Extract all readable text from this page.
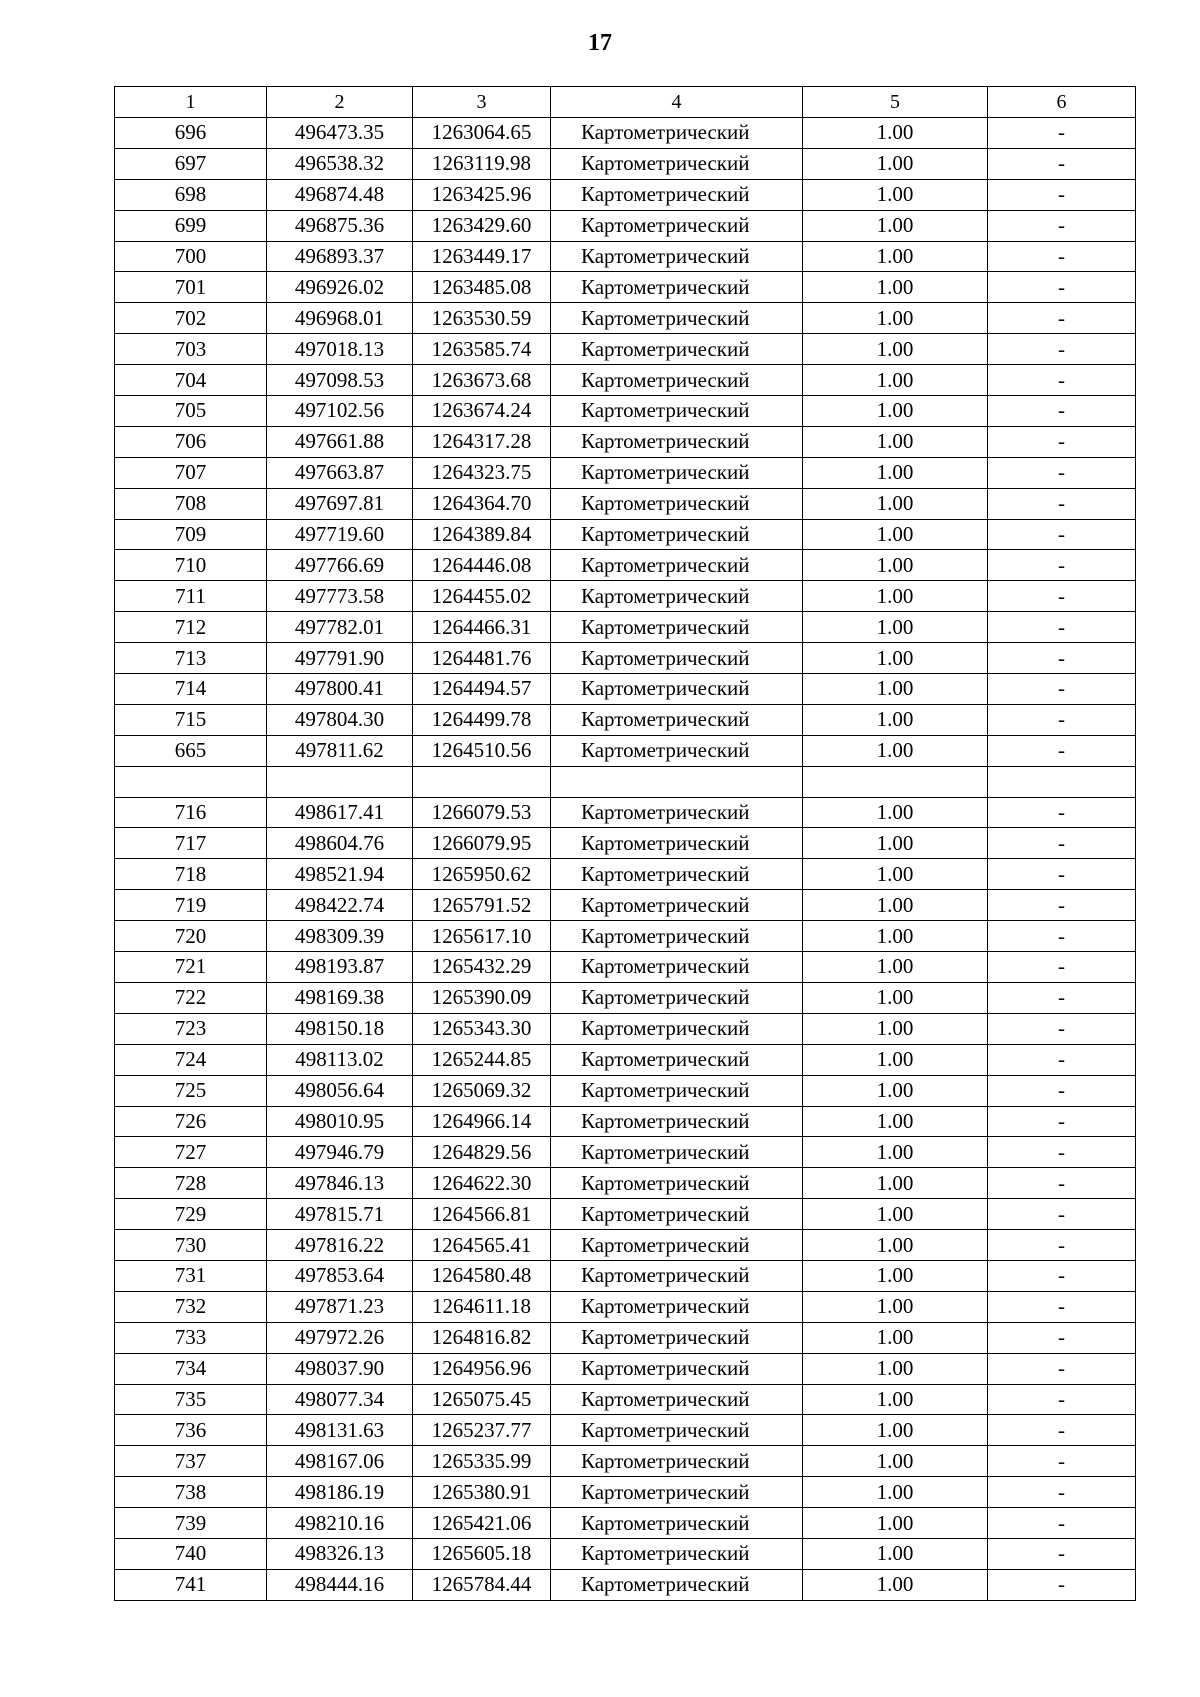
17
1	2	3	4	5	6
696	496473.35	1263064.65	Картометрический	1.00	-
697	496538.32	1263119.98	Картометрический	1.00	-
698	496874.48	1263425.96	Картометрический	1.00	-
699	496875.36	1263429.60	Картометрический	1.00	-
700	496893.37	1263449.17	Картометрический	1.00	-
701	496926.02	1263485.08	Картометрический	1.00	-
702	496968.01	1263530.59	Картометрический	1.00	-
703	497018.13	1263585.74	Картометрический	1.00	-
704	497098.53	1263673.68	Картометрический	1.00	-
705	497102.56	1263674.24	Картометрический	1.00	-
706	497661.88	1264317.28	Картометрический	1.00	-
707	497663.87	1264323.75	Картометрический	1.00	-
708	497697.81	1264364.70	Картометрический	1.00	-
709	497719.60	1264389.84	Картометрический	1.00	-
710	497766.69	1264446.08	Картометрический	1.00	-
711	497773.58	1264455.02	Картометрический	1.00	-
712	497782.01	1264466.31	Картометрический	1.00	-
713	497791.90	1264481.76	Картометрический	1.00	-
714	497800.41	1264494.57	Картометрический	1.00	-
715	497804.30	1264499.78	Картометрический	1.00	-
665	497811.62	1264510.56	Картометрический	1.00	-

716	498617.41	1266079.53	Картометрический	1.00	-
717	498604.76	1266079.95	Картометрический	1.00	-
718	498521.94	1265950.62	Картометрический	1.00	-
719	498422.74	1265791.52	Картометрический	1.00	-
720	498309.39	1265617.10	Картометрический	1.00	-
721	498193.87	1265432.29	Картометрический	1.00	-
722	498169.38	1265390.09	Картометрический	1.00	-
723	498150.18	1265343.30	Картометрический	1.00	-
724	498113.02	1265244.85	Картометрический	1.00	-
725	498056.64	1265069.32	Картометрический	1.00	-
726	498010.95	1264966.14	Картометрический	1.00	-
727	497946.79	1264829.56	Картометрический	1.00	-
728	497846.13	1264622.30	Картометрический	1.00	-
729	497815.71	1264566.81	Картометрический	1.00	-
730	497816.22	1264565.41	Картометрический	1.00	-
731	497853.64	1264580.48	Картометрический	1.00	-
732	497871.23	1264611.18	Картометрический	1.00	-
733	497972.26	1264816.82	Картометрический	1.00	-
734	498037.90	1264956.96	Картометрический	1.00	-
735	498077.34	1265075.45	Картометрический	1.00	-
736	498131.63	1265237.77	Картометрический	1.00	-
737	498167.06	1265335.99	Картометрический	1.00	-
738	498186.19	1265380.91	Картометрический	1.00	-
739	498210.16	1265421.06	Картометрический	1.00	-
740	498326.13	1265605.18	Картометрический	1.00	-
741	498444.16	1265784.44	Картометрический	1.00	-
